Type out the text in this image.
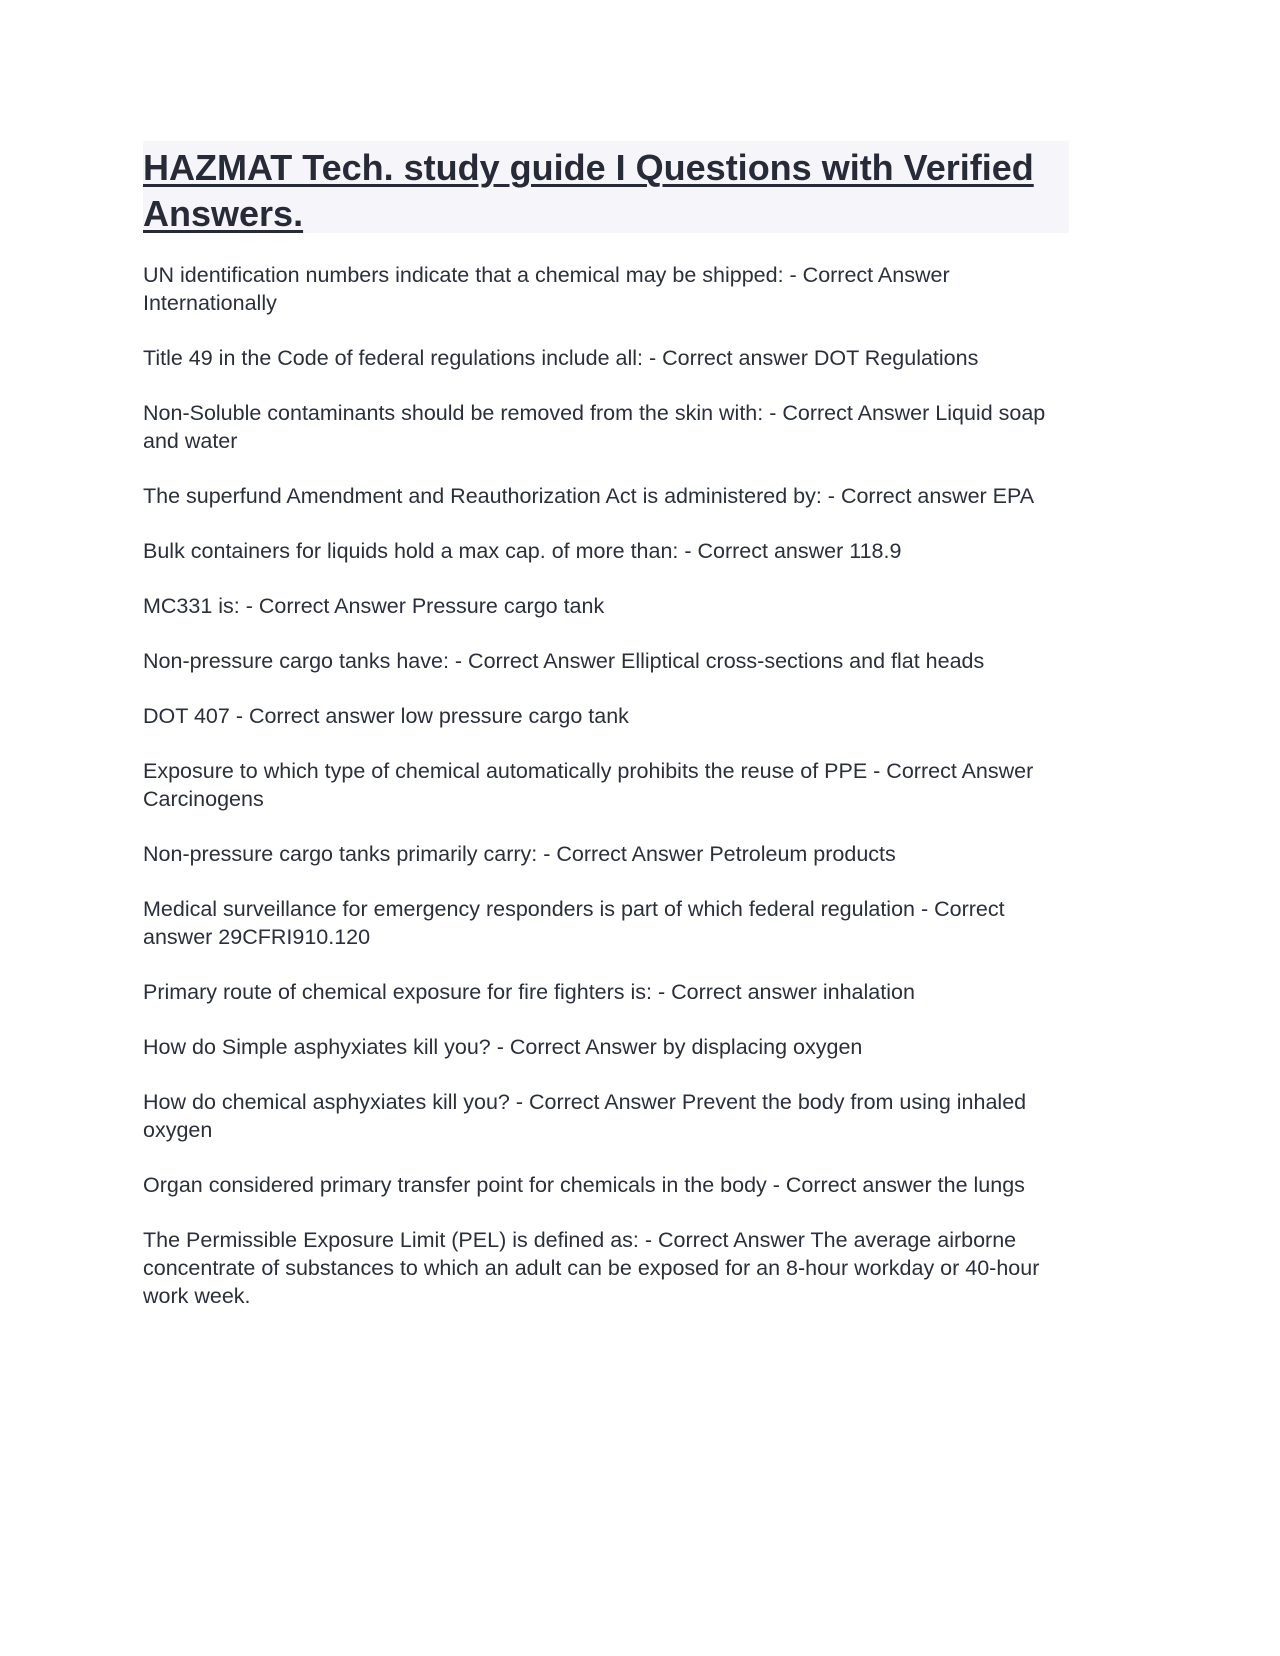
HAZMAT Tech. study guide I Questions with Verified Answers.

UN identification numbers indicate that a chemical may be shipped: - Correct Answer Internationally

Title 49 in the Code of federal regulations include all: - Correct answer DOT Regulations

Non-Soluble contaminants should be removed from the skin with: - Correct Answer Liquid soap and water

The superfund Amendment and Reauthorization Act is administered by: - Correct answer EPA

Bulk containers for liquids hold a max cap. of more than: - Correct answer 118.9

MC331 is: - Correct Answer Pressure cargo tank

Non-pressure cargo tanks have: - Correct Answer Elliptical cross-sections and flat heads

DOT 407 - Correct answer low pressure cargo tank

Exposure to which type of chemical automatically prohibits the reuse of PPE - Correct Answer Carcinogens

Non-pressure cargo tanks primarily carry: - Correct Answer Petroleum products

Medical surveillance for emergency responders is part of which federal regulation - Correct answer 29CFRI910.120

Primary route of chemical exposure for fire fighters is: - Correct answer inhalation

How do Simple asphyxiates kill you? - Correct Answer by displacing oxygen

How do chemical asphyxiates kill you? - Correct Answer Prevent the body from using inhaled oxygen

Organ considered primary transfer point for chemicals in the body - Correct answer the lungs

The Permissible Exposure Limit (PEL) is defined as: - Correct Answer The average airborne concentrate of substances to which an adult can be exposed for an 8-hour workday or 40-hour work week.
